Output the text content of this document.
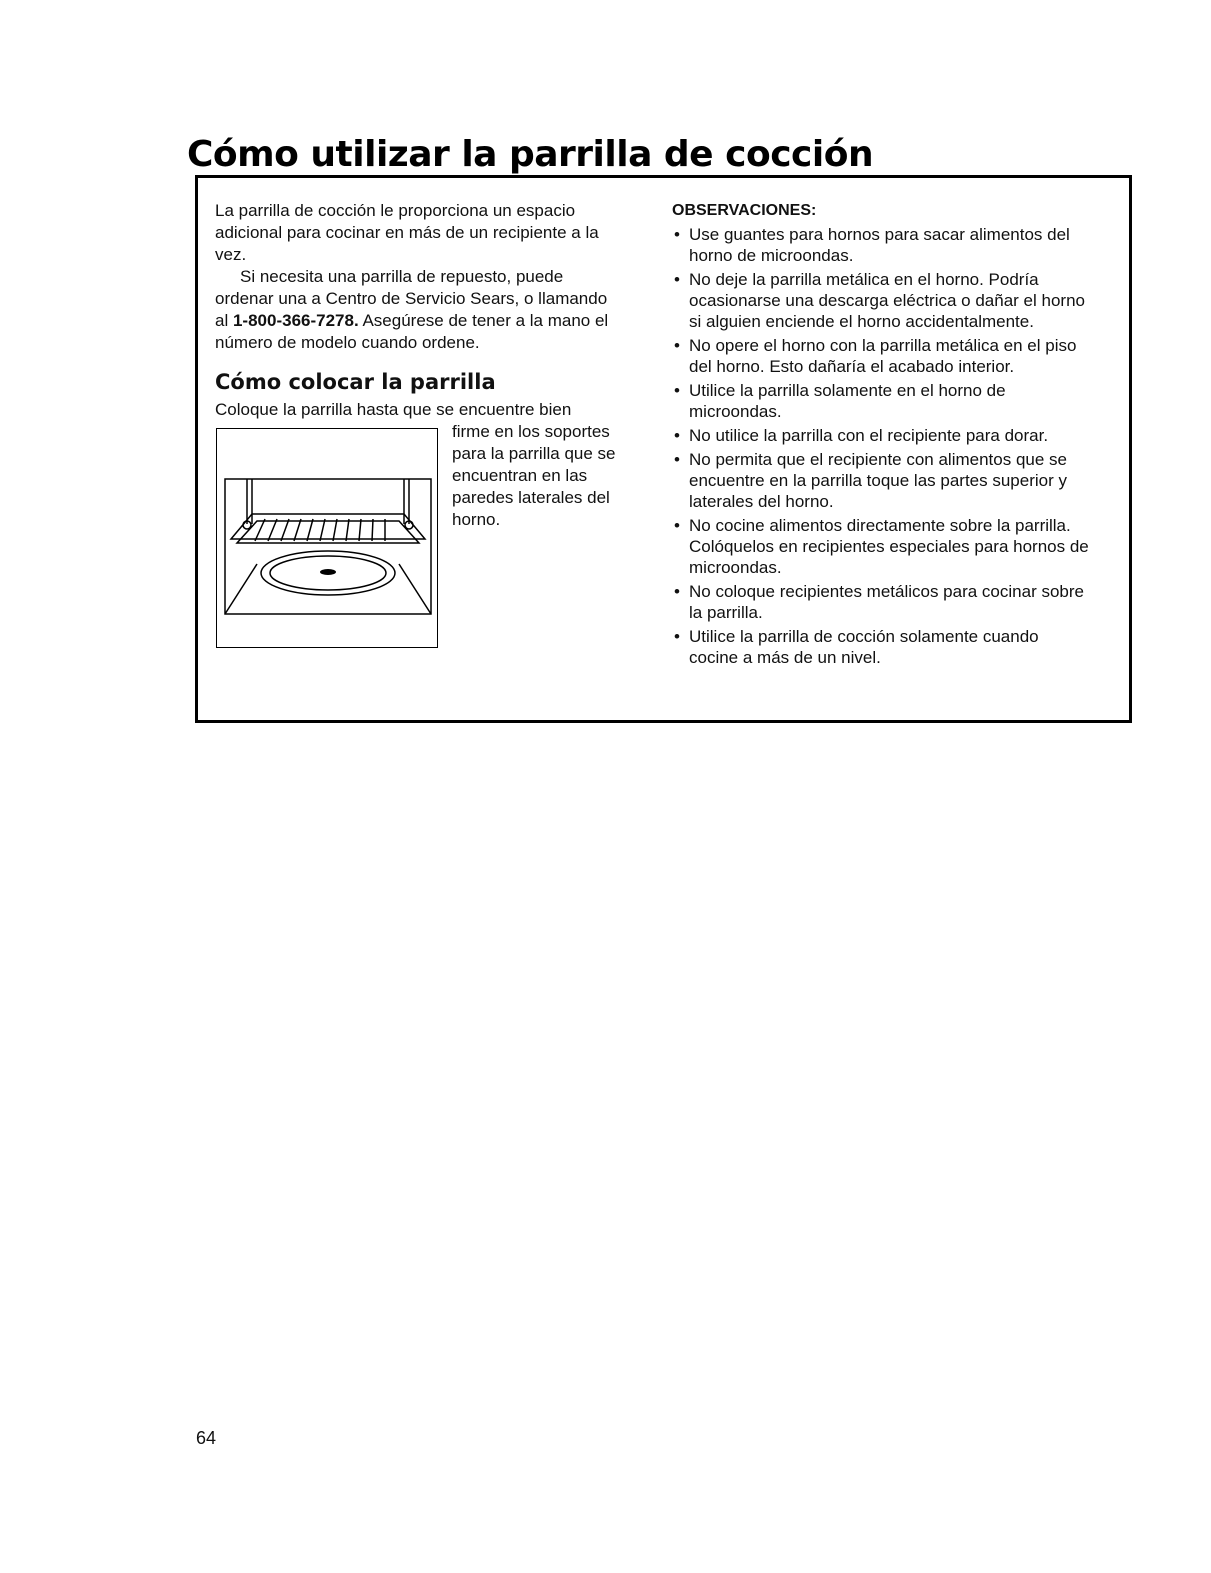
Cómo utilizar la parrilla de cocción

La parrilla de cocción le proporciona un espacio adicional para cocinar en más de un recipiente a la vez.

Si necesita una parrilla de repuesto, puede ordenar una a Centro de Servicio Sears, o llamando al 1-800-366-7278. Asegúrese de tener a la mano el número de modelo cuando ordene.

Cómo colocar la parrilla

Coloque la parrilla hasta que se encuentre bien

firme en los soportes para la parrilla que se encuentran en las paredes laterales del horno.

OBSERVACIONES:

• Use guantes para hornos para sacar alimentos del horno de microondas.
• No deje la parrilla metálica en el horno. Podría ocasionarse una descarga eléctrica o dañar el horno si alguien enciende el horno accidentalmente.
• No opere el horno con la parrilla metálica en el piso del horno. Esto dañaría el acabado interior.
• Utilice la parrilla solamente en el horno de microondas.
• No utilice la parrilla con el recipiente para dorar.
• No permita que el recipiente con alimentos que se encuentre en la parrilla toque las partes superior y laterales del horno.
• No cocine alimentos directamente sobre la parrilla. Colóquelos en recipientes especiales para hornos de microondas.
• No coloque recipientes metálicos para cocinar sobre la parrilla.
• Utilice la parrilla de cocción solamente cuando cocine a más de un nivel.

64
